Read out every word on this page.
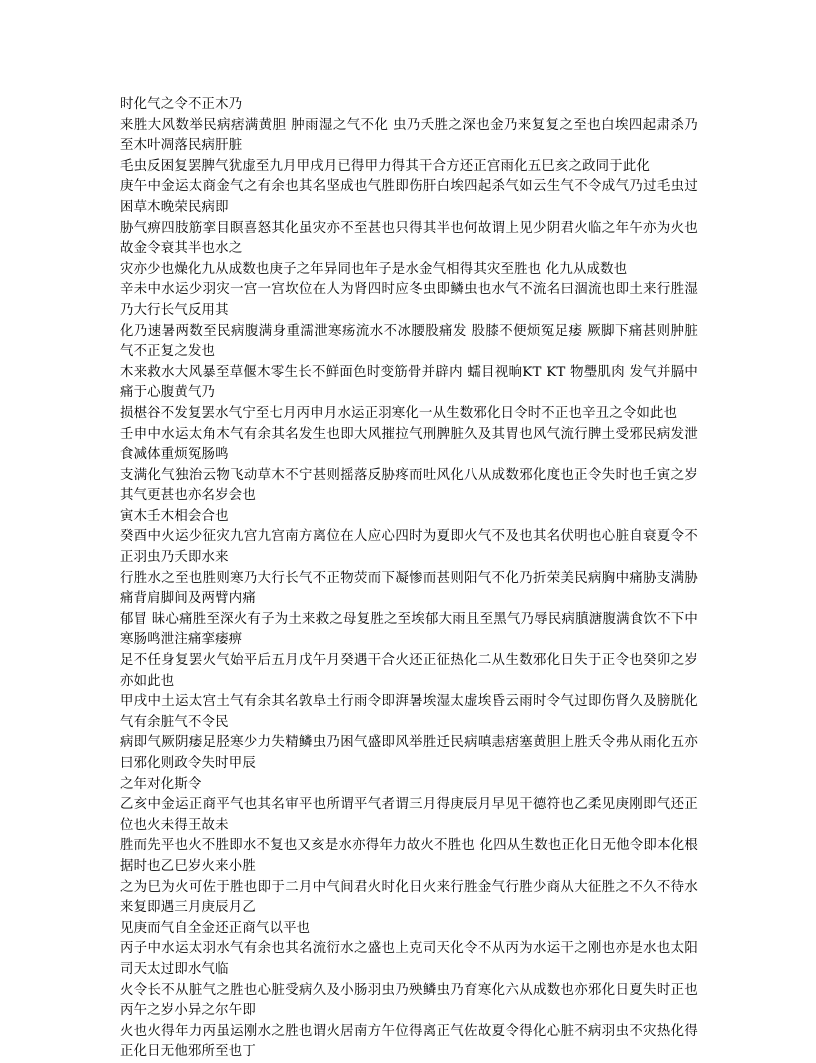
时化气之令不正木乃

来胜大风数举民病痞满黄胆 肿雨湿之气不化 虫乃夭胜之深也金乃来复复之至也白埃四起肃杀乃至木叶凋落民病肝脏

毛虫反困复罢脾气犹虚至九月甲戌月已得甲力得其干合方还正宫雨化五巳亥之政同于此化

庚午中金运太商金气之有余也其名坚成也气胜即伤肝白埃四起杀气如云生气不令成气乃过毛虫过困草木晚荣民病即

胁气痹四肢筋挛目瞑喜怒其化虽灾亦不至甚也只得其半也何故谓上见少阴君火临之年午亦为火也故金令衰其半也水之

灾亦少也燥化九从成数也庚子之年异同也年子是水金气相得其灾至胜也 化九从成数也

辛未中水运少羽灾一宫一宫坎位在人为肾四时应冬虫即鳞虫也水气不流名曰涸流也即土来行胜湿乃大行长气反用其

化乃速暑两数至民病腹满身重濡泄寒疡流水不冰腰股痛发 股膝不便烦冤足痿 厥脚下痛甚则肿脏气不正复之发也

木来救水大风暴至草偃木零生长不鲜面色时变筋骨并辟内 蠕目视晌KT KT 物璺肌肉 发气并膈中痛于心腹黄气乃

损椹谷不发复罢水气宁至七月丙申月水运正羽寒化一从生数邪化日令时不正也辛丑之令如此也

壬申中水运太角木气有余其名发生也即大风摧拉气刑脾脏久及其胃也风气流行脾土受邪民病发泄食减体重烦冤肠鸣

支满化气独治云物飞动草木不宁甚则摇落反胁疼而吐风化八从成数邪化度也正令失时也壬寅之岁其气更甚也亦名岁会也

寅木壬木相会合也

癸酉中火运少征灾九宫九宫南方离位在人应心四时为夏即火气不及也其名伏明也心脏自衰夏令不正羽虫乃夭即水来

行胜水之至也胜则寒乃大行长气不正物荧而下凝惨而甚则阳气不化乃折荣美民病胸中痛胁支满胁痛背肩脚间及两臂内痛

郁冒 昧心痛胜至深火有子为土来救之母复胜之至埃郁大雨且至黑气乃辱民病䐜溏腹满食饮不下中寒肠鸣泄注痛挛痿痹

足不任身复罢火气始平后五月戊午月癸遇干合火还正征热化二从生数邪化日失于正令也癸卯之岁亦如此也

甲戌中土运太宫土气有余其名敦阜土行雨令即湃暑埃湿太虚埃昏云雨时令气过即伤肾久及膀胱化气有余脏气不令民

病即气厥阴痿足胫寒少力失精鳞虫乃困气盛即风举胜迁民病嗔恚痞塞黄胆上胜夭令弗从雨化五亦曰邪化则政令失时甲辰

之年对化斯令

乙亥中金运正商平气也其名审平也所谓平气者谓三月得庚辰月早见干德符也乙柔见庚刚即气还正位也火未得王故未

胜而先平也火不胜即水不复也又亥是水亦得年力故火不胜也 化四从生数也正化日无他令即本化根据时也乙巳岁火来小胜

之为巳为火可佐于胜也即于二月中气间君火时化日火来行胜金气行胜少商从大征胜之不久不待水来复即遇三月庚辰月乙

见庚而气自全金还正商气以平也

丙子中水运太羽水气有余也其名流衍水之盛也上克司天化令不从丙为水运干之刚也亦是水也太阳司天太过即水气临

火令长不从脏气之胜也心脏受病久及小肠羽虫乃殃鳞虫乃育寒化六从成数也亦邪化日夏失时正也丙午之岁小异之尔午即

火也火得年力丙虽运刚水之胜也谓火居南方午位得离正气佐故夏令得化心脏不病羽虫不灾热化得正化日无他邪所至也丁
